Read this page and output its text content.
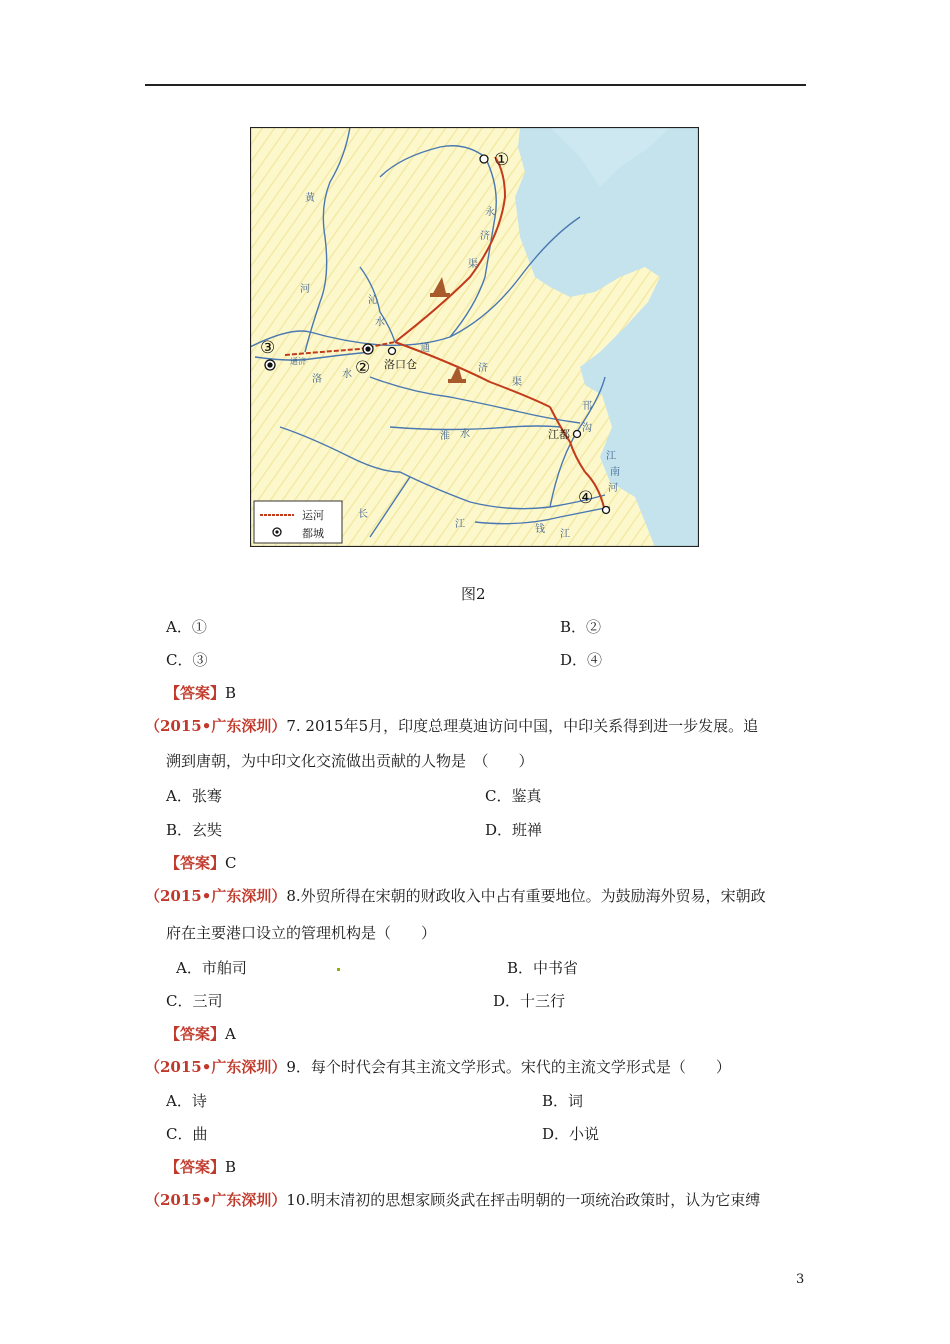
①
②
③
④
洛口仓
江都
黄
河
永
济
渠
沁
水
通
济
渠
洛 水
通济
淮 水
邗
沟
江
南
河
长
江	钱 江
运河
都城
图2
A．①	B．②
C．③	D．④
【答案】B
（2015•广东深圳）7. 2015年5月，印度总理莫迪访问中国，中印关系得到进一步发展。追
溯到唐朝，为中印文化交流做出贡献的人物是　（　　）
A．张骞	C．鉴真
B．玄奘	D．班禅
【答案】C
（2015•广东深圳）8.外贸所得在宋朝的财政收入中占有重要地位。为鼓励海外贸易，宋朝政
府在主要港口设立的管理机构是（　　）
A．市舶司	B．中书省
C．三司	D．十三行
【答案】A
（2015•广东深圳）9．每个时代会有其主流文学形式。宋代的主流文学形式是（　　）
A．诗	B．词
C．曲	D．小说
【答案】B
（2015•广东深圳）10.明末清初的思想家顾炎武在抨击明朝的一项统治政策时，认为它束缚
3
